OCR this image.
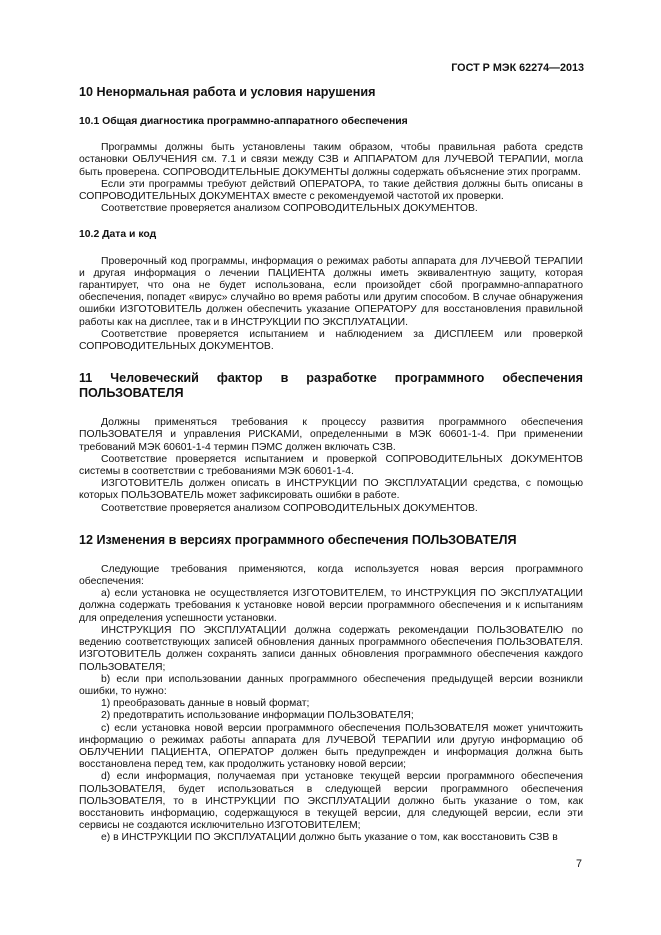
ГОСТ Р МЭК 62274—2013
10 Ненормальная работа и условия нарушения
10.1 Общая диагностика программно-аппаратного обеспечения

Программы должны быть установлены таким образом, чтобы правильная работа средств остановки ОБЛУЧЕНИЯ см. 7.1 и связи между СЗВ и АППАРАТОМ для ЛУЧЕВОЙ ТЕРАПИИ, могла быть проверена. СОПРОВОДИТЕЛЬНЫЕ ДОКУМЕНТЫ должны содержать объяснение этих программ.

Если эти программы требуют действий ОПЕРАТОРА, то такие действия должны быть описаны в СОПРОВОДИТЕЛЬНЫХ ДОКУМЕНТАХ вместе с рекомендуемой частотой их проверки.

Соответствие проверяется анализом СОПРОВОДИТЕЛЬНЫХ ДОКУМЕНТОВ.

10.2 Дата и код

Проверочный код программы, информация о режимах работы аппарата для ЛУЧЕВОЙ ТЕРАПИИ и другая информация о лечении ПАЦИЕНТА должны иметь эквивалентную защиту, которая гарантирует, что она не будет использована, если произойдет сбой программно-аппаратного обеспечения, попадет «вирус» случайно во время работы или другим способом. В случае обнаружения ошибки ИЗГОТОВИТЕЛЬ должен обеспечить указание ОПЕРАТОРУ для восстановления правильной работы как на дисплее, так и в ИНСТРУКЦИИ ПО ЭКСПЛУАТАЦИИ.

Соответствие проверяется испытанием и наблюдением за ДИСПЛЕЕМ или проверкой СОПРОВОДИТЕЛЬНЫХ ДОКУМЕНТОВ.

11 Человеческий фактор в разработке программного обеспечения ПОЛЬЗОВАТЕЛЯ

Должны применяться требования к процессу развития программного обеспечения ПОЛЬЗОВАТЕЛЯ и управления РИСКАМИ, определенными в МЭК 60601-1-4. При применении требований МЭК 60601-1-4 термин ПЭМС должен включать СЗВ.

Соответствие проверяется испытанием и проверкой СОПРОВОДИТЕЛЬНЫХ ДОКУМЕНТОВ системы в соответствии с требованиями МЭК 60601-1-4.

ИЗГОТОВИТЕЛЬ должен описать в ИНСТРУКЦИИ ПО ЭКСПЛУАТАЦИИ средства, с помощью которых ПОЛЬЗОВАТЕЛЬ может зафиксировать ошибки в работе.

Соответствие проверяется анализом СОПРОВОДИТЕЛЬНЫХ ДОКУМЕНТОВ.

12 Изменения в версиях программного обеспечения ПОЛЬЗОВАТЕЛЯ

Следующие требования применяются, когда используется новая версия программного обеспечения:

а) если установка не осуществляется ИЗГОТОВИТЕЛЕМ, то ИНСТРУКЦИЯ ПО ЭКСПЛУАТАЦИИ должна содержать требования к установке новой версии программного обеспечения и к испытаниям для определения успешности установки.

ИНСТРУКЦИЯ ПО ЭКСПЛУАТАЦИИ должна содержать рекомендации ПОЛЬЗОВАТЕЛЮ по ведению соответствующих записей обновления данных программного обеспечения ПОЛЬЗОВАТЕЛЯ. ИЗГОТОВИТЕЛЬ должен сохранять записи данных обновления программного обеспечения каждого ПОЛЬЗОВАТЕЛЯ;

b) если при использовании данных программного обеспечения предыдущей версии возникли ошибки, то нужно:

1) преобразовать данные в новый формат;

2) предотвратить использование информации ПОЛЬЗОВАТЕЛЯ;

c) если установка новой версии программного обеспечения ПОЛЬЗОВАТЕЛЯ может уничтожить информацию о режимах работы аппарата для ЛУЧЕВОЙ ТЕРАПИИ или другую информацию об ОБЛУЧЕНИИ ПАЦИЕНТА, ОПЕРАТОР должен быть предупрежден и информация должна быть восстановлена перед тем, как продолжить установку новой версии;

d) если информация, получаемая при установке текущей версии программного обеспечения ПОЛЬЗОВАТЕЛЯ, будет использоваться в следующей версии программного обеспечения ПОЛЬЗОВАТЕЛЯ, то в ИНСТРУКЦИИ ПО ЭКСПЛУАТАЦИИ должно быть указание о том, как восстановить информацию, содержащуюся в текущей версии, для следующей версии, если эти сервисы не создаются исключительно ИЗГОТОВИТЕЛЕМ;

е) в ИНСТРУКЦИИ ПО ЭКСПЛУАТАЦИИ должно быть указание о том, как восстановить СЗВ в

7
